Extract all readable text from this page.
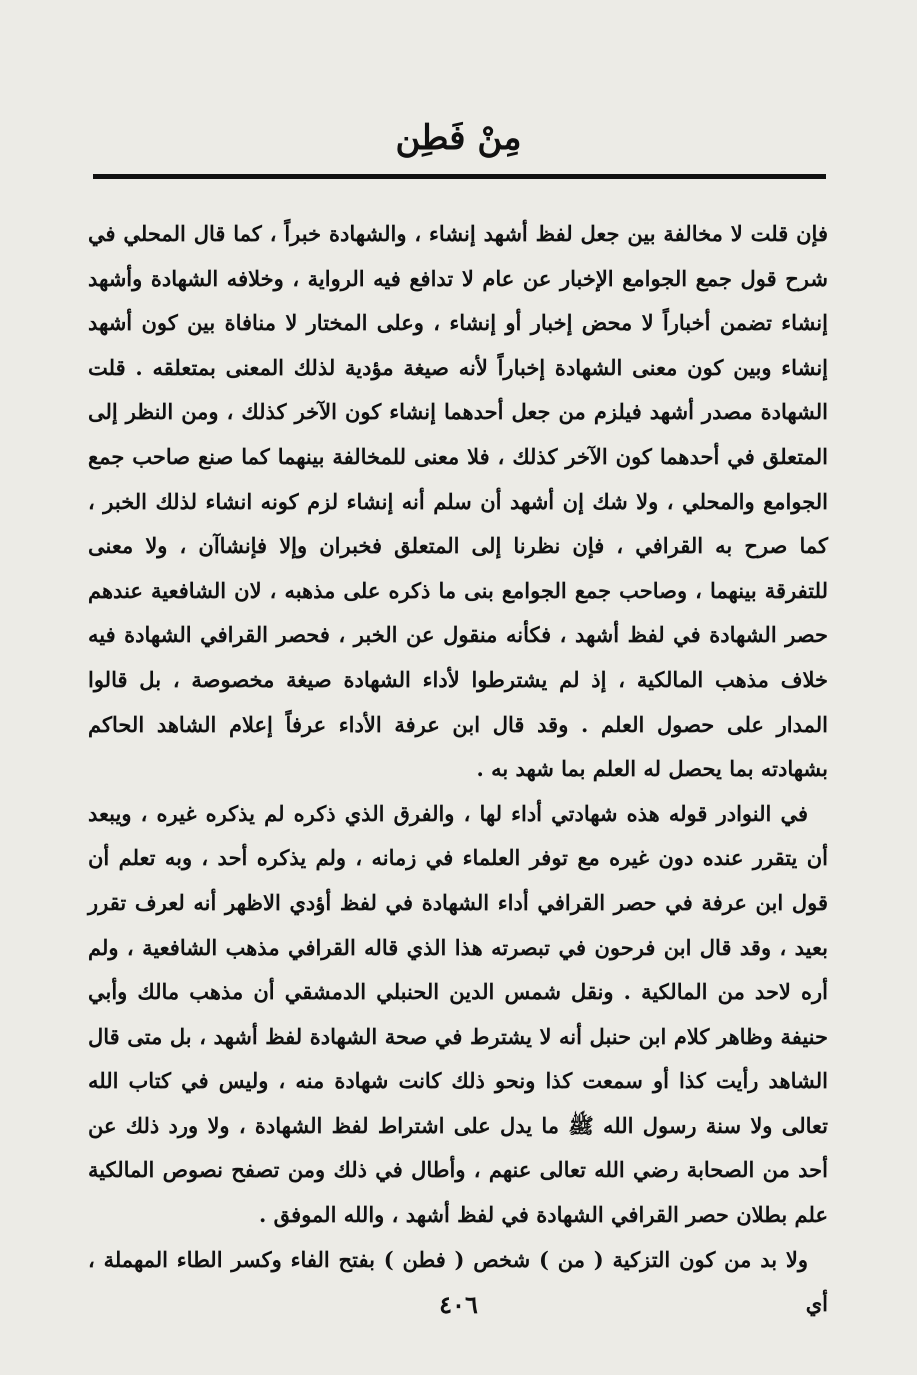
مِنْ فَطِن

فإن قلت لا مخالفة بين جعل لفظ أشهد إنشاء ، والشهادة خبراً ، كما قال المحلي في شرح قول جمع الجوامع الإخبار عن عام لا تدافع فيه الرواية ، وخلافه الشهادة وأشهد إنشاء تضمن أخباراً لا محض إخبار أو إنشاء ، وعلى المختار لا منافاة بين كون أشهد إنشاء وبين كون معنى الشهادة إخباراً لأنه صيغة مؤدية لذلك المعنى بمتعلقه . قلت الشهادة مصدر أشهد فيلزم من جعل أحدهما إنشاء كون الآخر كذلك ، ومن النظر إلى المتعلق في أحدهما كون الآخر كذلك ، فلا معنى للمخالفة بينهما كما صنع صاحب جمع الجوامع والمحلي ، ولا شك إن أشهد أن سلم أنه إنشاء لزم كونه انشاء لذلك الخبر ، كما صرح به القرافي ، فإن نظرنا إلى المتعلق فخبران وإلا فإنشاآن ، ولا معنى للتفرقة بينهما ، وصاحب جمع الجوامع بنى ما ذكره على مذهبه ، لان الشافعية عندهم حصر الشهادة في لفظ أشهد ، فكأنه منقول عن الخبر ، فحصر القرافي الشهادة فيه خلاف مذهب المالكية ، إذ لم يشترطوا لأداء الشهادة صيغة مخصوصة ، بل قالوا المدار على حصول العلم . وقد قال ابن عرفة الأداء عرفاً إعلام الشاهد الحاكم بشهادته بما يحصل له العلم بما شهد به .

في النوادر قوله هذه شهادتي أداء لها ، والفرق الذي ذكره لم يذكره غيره ، ويبعد أن يتقرر عنده دون غيره مع توفر العلماء في زمانه ، ولم يذكره أحد ، وبه تعلم أن قول ابن عرفة في حصر القرافي أداء الشهادة في لفظ أؤدي الاظهر أنه لعرف تقرر بعيد ، وقد قال ابن فرحون في تبصرته هذا الذي قاله القرافي مذهب الشافعية ، ولم أره لاحد من المالكية . ونقل شمس الدين الحنبلي الدمشقي أن مذهب مالك وأبي حنيفة وظاهر كلام ابن حنبل أنه لا يشترط في صحة الشهادة لفظ أشهد ، بل متى قال الشاهد رأيت كذا أو سمعت كذا ونحو ذلك كانت شهادة منه ، وليس في كتاب الله تعالى ولا سنة رسول الله ﷺ ما يدل على اشتراط لفظ الشهادة ، ولا ورد ذلك عن أحد من الصحابة رضي الله تعالى عنهم ، وأطال في ذلك ومن تصفح نصوص المالكية علم بطلان حصر القرافي الشهادة في لفظ أشهد ، والله الموفق .

ولا بد من كون التزكية ( من ) شخص ( فطن ) بفتح الفاء وكسر الطاء المهملة ، أي

٤٠٦
